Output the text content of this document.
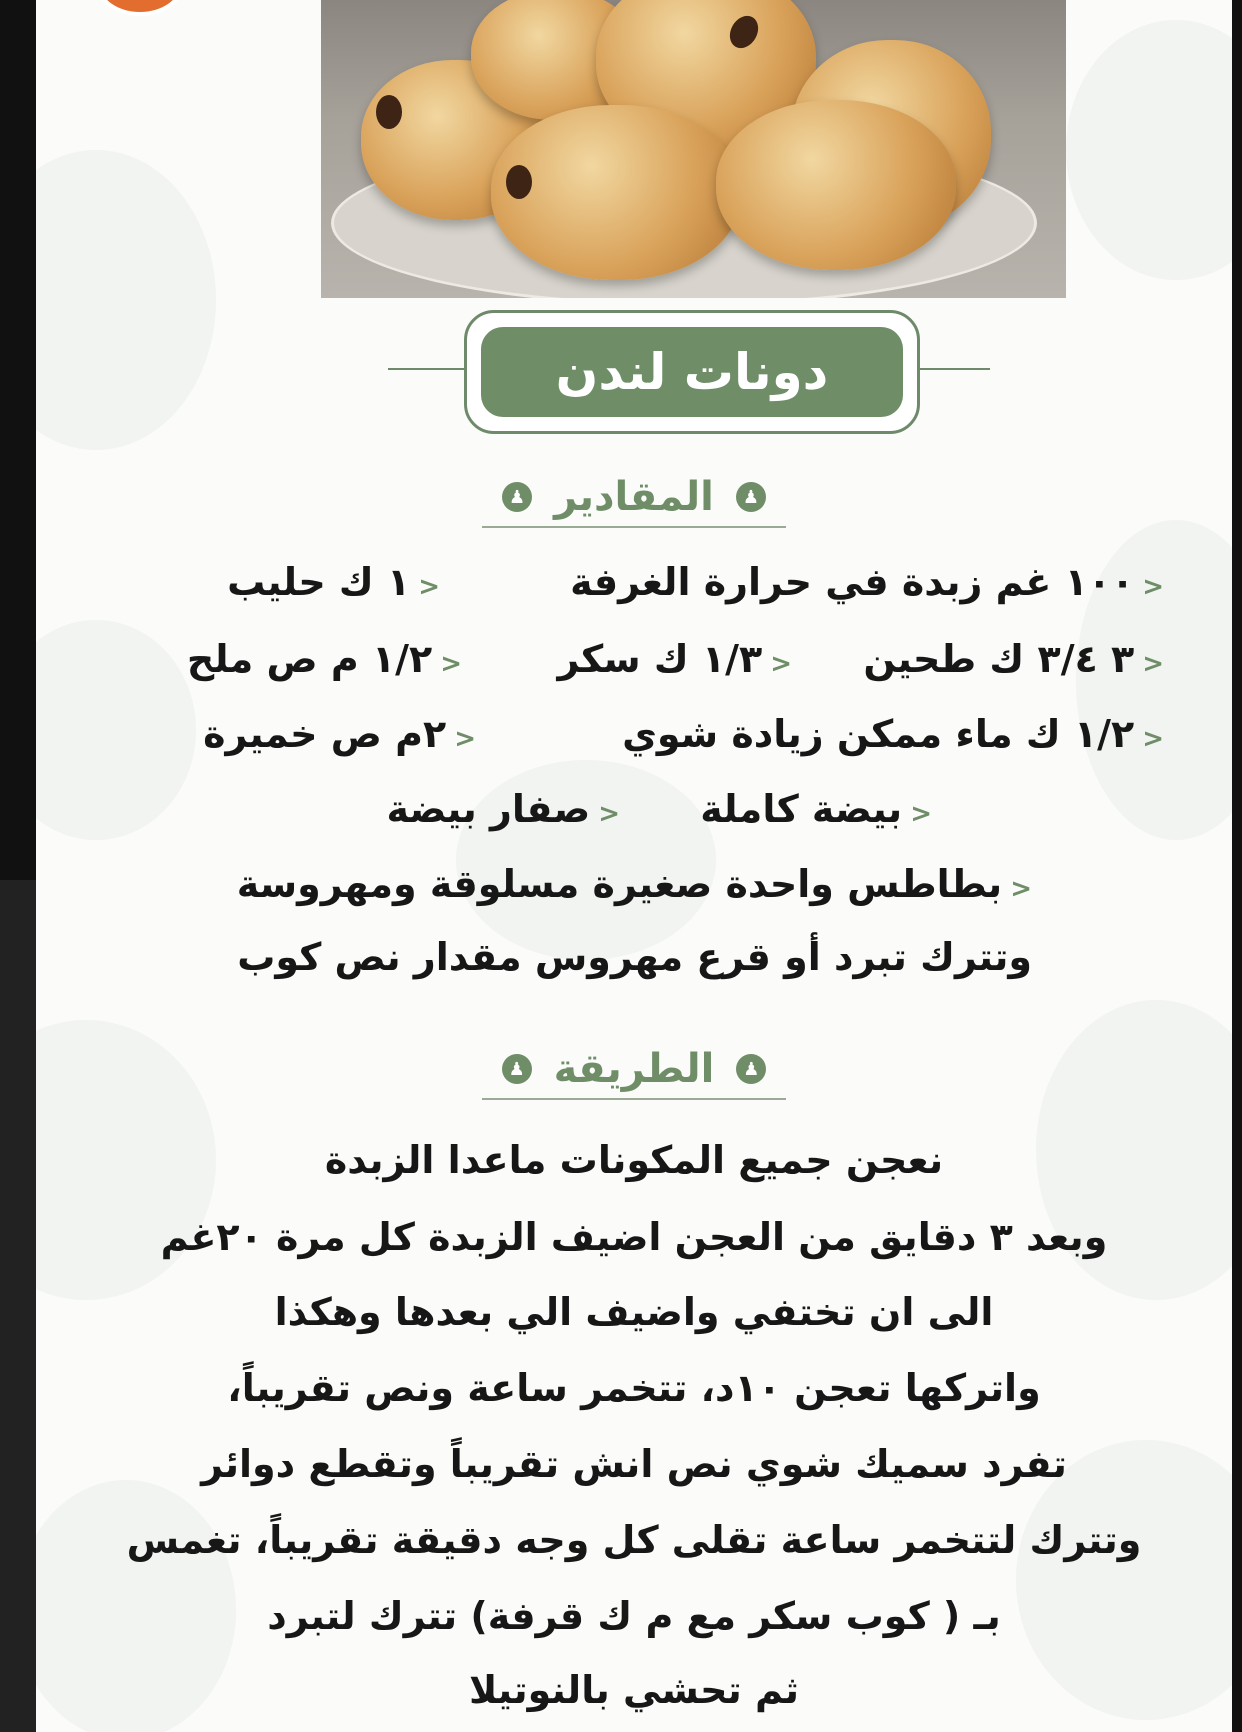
دونات لندن
♟
المقادير
♟
<١٠٠ غم زبدة في حرارة الغرفة
<١ ك حليب
<٣ ٣/٤ ك طحين
<١/٣ ك سكر
<١/٢ م ص ملح
<١/٢ ك ماء ممكن زيادة شوي
<٢م ص خميرة
<بيضة كاملة
<صفار بيضة
<بطاطس واحدة صغيرة مسلوقة ومهروسة
وتترك تبرد أو قرع مهروس مقدار نص كوب
♟
الطريقة
♟
نعجن جميع المكونات ماعدا الزبدة
وبعد ٣ دقايق من العجن اضيف الزبدة كل مرة ٢٠غم
الى ان تختفي واضيف الي بعدها وهكذا
واتركها تعجن ١٠د، تتخمر ساعة ونص تقريباً،
تفرد سميك شوي نص انش تقريباً وتقطع دوائر
وتترك لتتخمر ساعة تقلى كل وجه دقيقة تقريباً، تغمس
بـ ( كوب سكر مع م ك قرفة) تترك لتبرد
ثم تحشي بالنوتيلا
